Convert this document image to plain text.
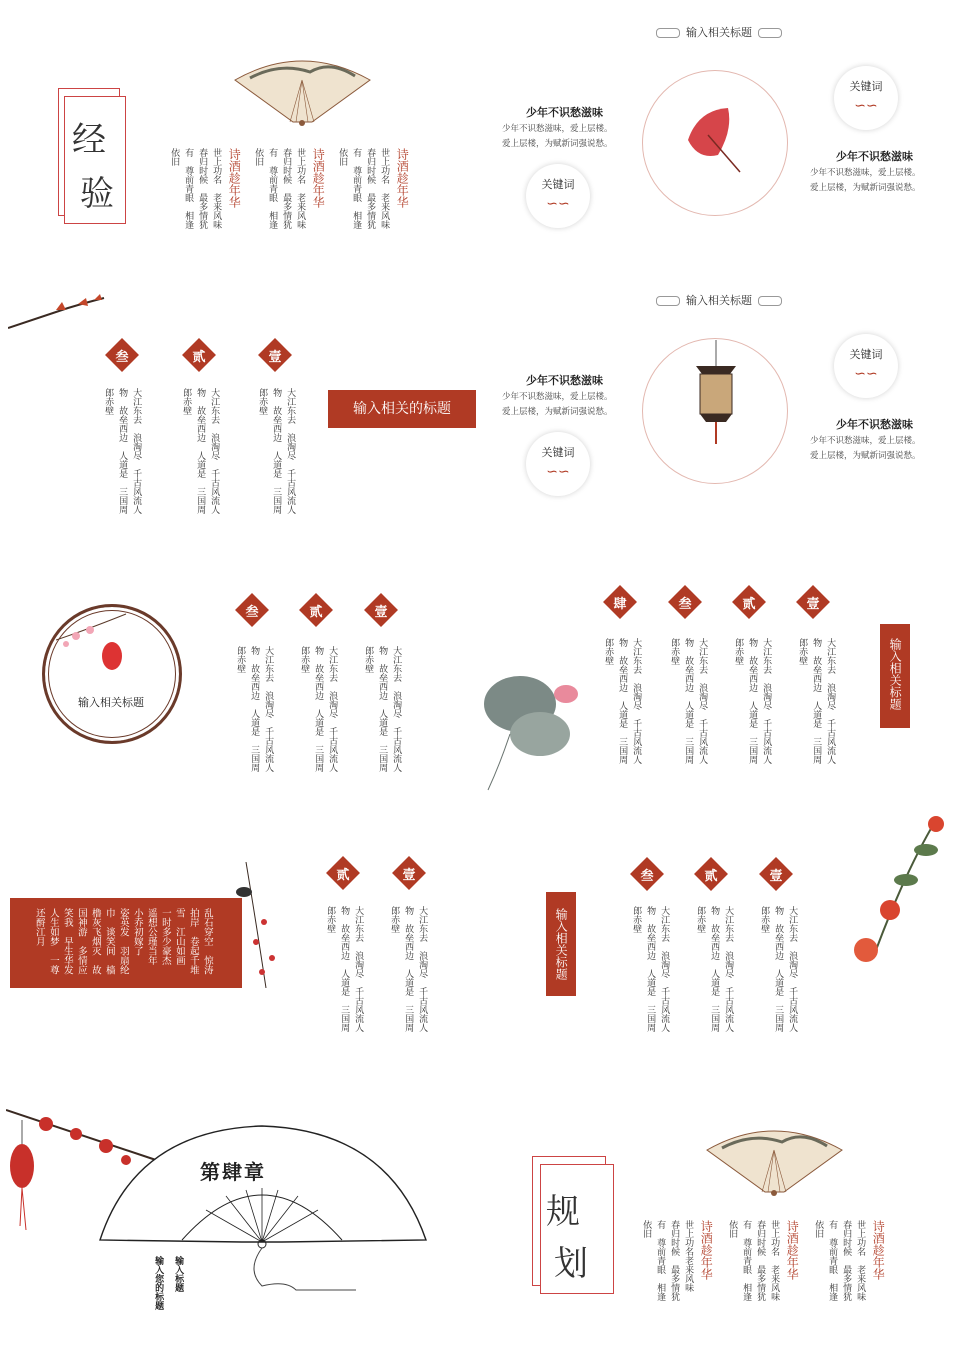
经
验	诗酒趁年华
世上功名　老来风味
春归时候　最多情犹
有　尊前青眼　相逢
依旧
诗酒趁年华
世上功名　老来风味
春归时候　最多情犹
有　尊前青眼　相逢
依旧
诗酒趁年华
世上功名　老来风味
春归时候　最多情犹
有　尊前青眼　相逢
依旧
输入相关标题
少年不识愁滋味
少年不识愁滋味，爱上层楼。
爱上层楼，为赋新词强说愁。
关键词
∽∽
少年不识愁滋味
少年不识愁滋味，爱上层楼。
爱上层楼，为赋新词强说愁。
关键词
∽∽
叁	贰	壹
大江东去　浪淘尽　千古风流人
物　故垒西边　人道是　三国周
郎赤壁	大江东去　浪淘尽　千古风流人
物　故垒西边　人道是　三国周
郎赤壁	大江东去　浪淘尽　千古风流人
物　故垒西边　人道是　三国周
郎赤壁	输入相关的标题
输入相关标题
少年不识愁滋味
少年不识愁滋味，爱上层楼。
爱上层楼，为赋新词强说愁。
关键词
∽∽
少年不识愁滋味
少年不识愁滋味，爱上层楼。
爱上层楼，为赋新词强说愁。
关键词
∽∽
输入相关标题
叁	贰	壹
大江东去　浪淘尽　千古风流人
物　故垒西边　人道是　三国周
郎赤壁	大江东去　浪淘尽　千古风流人
物　故垒西边　人道是　三国周
郎赤壁	大江东去　浪淘尽　千古风流人
物　故垒西边　人道是　三国周
郎赤壁
肆	叁	贰	壹
大江东去　浪淘尽　千古风流人
物　故垒西边　人道是　三国周
郎赤壁	大江东去　浪淘尽　千古风流人
物　故垒西边　人道是　三国周
郎赤壁	大江东去　浪淘尽　千古风流人
物　故垒西边　人道是　三国周
郎赤壁	大江东去　浪淘尽　千古风流人
物　故垒西边　人道是　三国周
郎赤壁	输入相关标题
乱石穿空　惊涛
拍岸　卷起千堆
雪　江山如画
一时多少豪杰
遥想公瑾当年
小乔初嫁了
姿英发　羽扇纶
巾　谈笑间　樯
橹灰飞烟灭　故
国神游　多情应
笑我　早生华发
人生如梦　一尊
还酹江月
贰	壹
大江东去　浪淘尽　千古风流人
物　故垒西边　人道是　三国周
郎赤壁	大江东去　浪淘尽　千古风流人
物　故垒西边　人道是　三国周
郎赤壁	输入相关标题
叁	贰	壹
大江东去　浪淘尽　千古风流人
物　故垒西边　人道是　三国周
郎赤壁	大江东去　浪淘尽　千古风流人
物　故垒西边　人道是　三国周
郎赤壁	大江东去　浪淘尽　千古风流人
物　故垒西边　人道是　三国周
郎赤壁
第肆章
输入标题
输入您的标题
规
划	诗酒趁年华
世上功名　老来风味
春归时候　最多情犹
有　尊前青眼　相逢
依旧
诗酒趁年华
世上功名　老来风味
春归时候　最多情犹
有　尊前青眼　相逢
依旧
诗酒趁年华
世上功名老来风味
春归时候　最多情犹
有　尊前青眼　相逢
依旧
